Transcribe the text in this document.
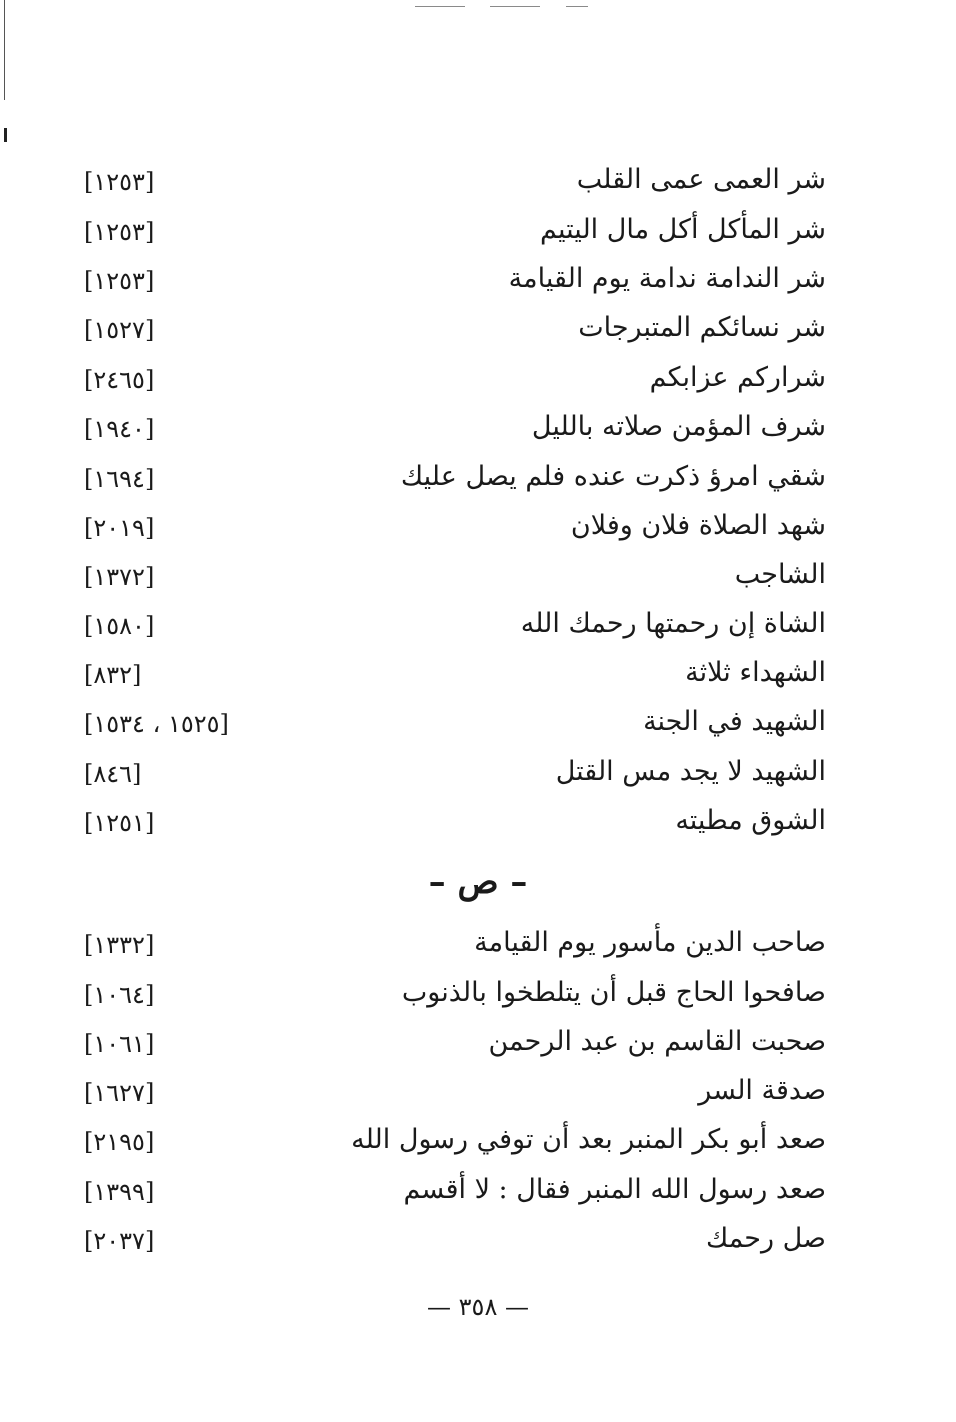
شر العمى عمى القلب
[١٢٥٣]
شر المأكل أكل مال اليتيم
[١٢٥٣]
شر الندامة ندامة يوم القيامة
[١٢٥٣]
شر نسائكم المتبرجات
[١٥٢٧]
شراركم عزابكم
[٢٤٦٥]
شرف المؤمن صلاته بالليل
[١٩٤٠]
شقي امرؤ ذكرت عنده فلم يصل عليك
[١٦٩٤]
شهد الصلاة فلان وفلان
[٢٠١٩]
الشاجب
[١٣٧٢]
الشاة إن رحمتها رحمك الله
[١٥٨٠]
الشهداء ثلاثة
[٨٣٢]
الشهيد في الجنة
[١٥٢٥ ، ١٥٣٤]
الشهيد لا يجد مس القتل
[٨٤٦]
الشوق مطيته
[١٢٥١]
– ص –
صاحب الدين مأسور يوم القيامة
[١٣٣٢]
صافحوا الحاج قبل أن يتلطخوا بالذنوب
[١٠٦٤]
صحبت القاسم بن عبد الرحمن
[١٠٦١]
صدقة السر
[١٦٢٧]
صعد أبو بكر المنبر بعد أن توفي رسول الله
[٢١٩٥]
صعد رسول الله المنبر فقال : لا أقسم
[١٣٩٩]
صل رحمك
[٢٠٣٧]
— ٣٥٨ —
